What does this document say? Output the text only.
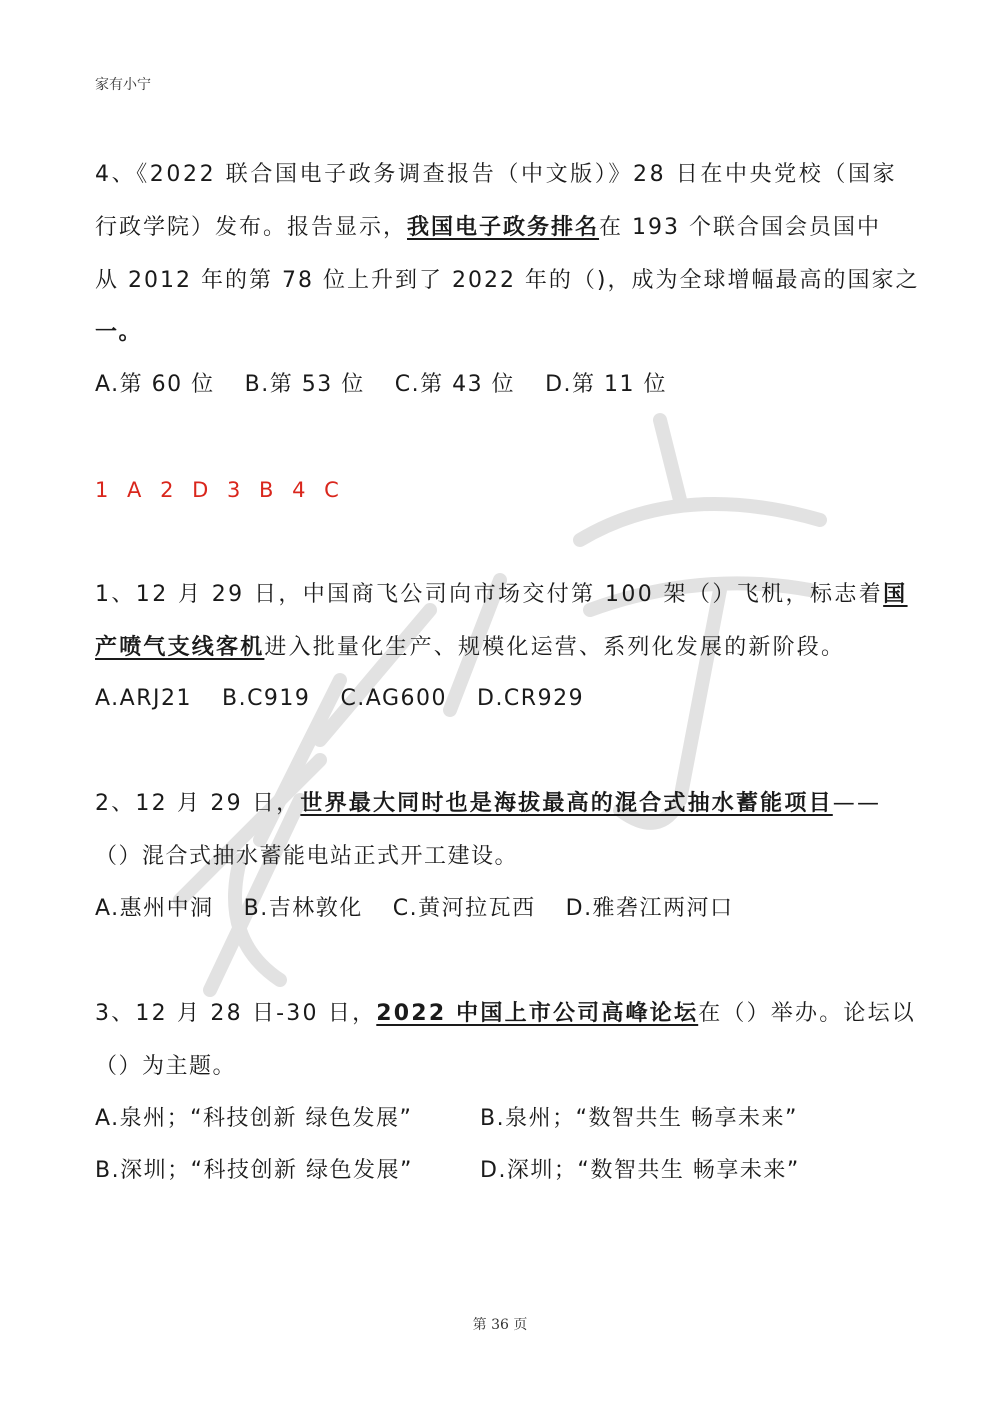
家有小宁
4、《2022 联合国电子政务调查报告（中文版）》28 日在中央党校（国家
行政学院）发布。报告显示，我国电子政务排名在 193 个联合国会员国中
从 2012 年的第 78 位上升到了 2022 年的（)，成为全球增幅最高的国家之
一。
A.第 60 位 B.第 53 位 C.第 43 位 D.第 11 位
1 A 2 D 3 B 4 C
1、12 月 29 日，中国商飞公司向市场交付第 100 架（）飞机，标志着国
产喷气支线客机进入批量化生产、规模化运营、系列化发展的新阶段。
A.ARJ21 B.C919 C.AG600 D.CR929
2、12 月 29 日，世界最大同时也是海拔最高的混合式抽水蓄能项目——
（）混合式抽水蓄能电站正式开工建设。
A.惠州中洞 B.吉林敦化 C.黄河拉瓦西 D.雅砻江两河口
3、12 月 28 日-30 日，2022 中国上市公司高峰论坛在（）举办。论坛以
（）为主题。
A.泉州；“科技创新 绿色发展”	B.泉州；“数智共生 畅享未来”
B.深圳；“科技创新 绿色发展”	D.深圳；“数智共生 畅享未来”
第 36 页
